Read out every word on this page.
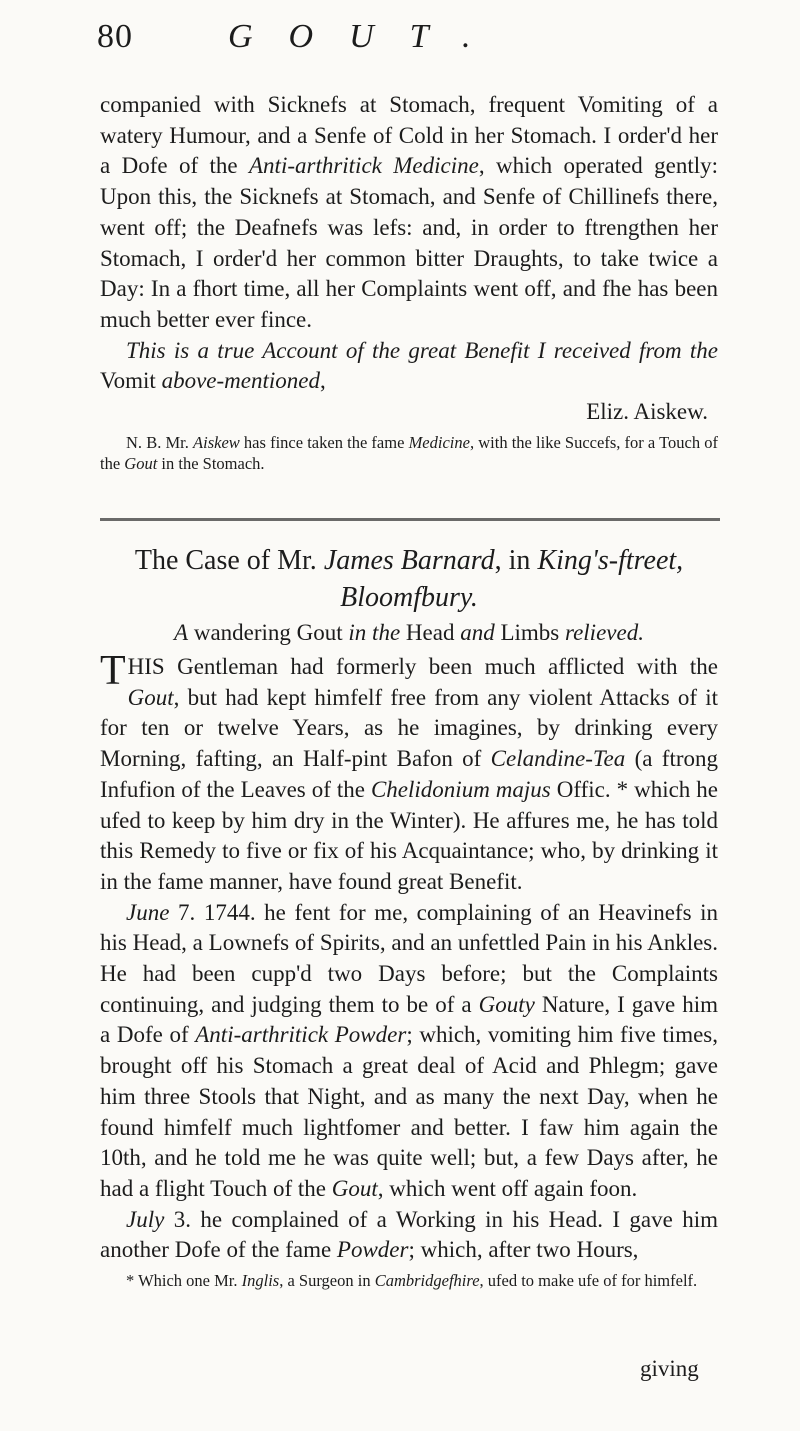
80	GOUT.

companied with Sicknefs at Stomach, frequent Vomiting of a watery Humour, and a Senfe of Cold in her Stomach. I order'd her a Dofe of the Anti-arthritick Medicine, which operated gently: Upon this, the Sicknefs at Stomach, and Senfe of Chillinefs there, went off; the Deafnefs was lefs: and, in order to ftrengthen her Stomach, I order'd her common bitter Draughts, to take twice a Day: In a fhort time, all her Complaints went off, and fhe has been much better ever fince.

This is a true Account of the great Benefit I received from the Vomit above-mentioned,

Eliz. Aiskew.

N. B. Mr. Aiskew has fince taken the fame Medicine, with the like Succefs, for a Touch of the Gout in the Stomach.

The Case of Mr. James Barnard, in King's-ftreet, Bloomfbury.

A wandering Gout in the Head and Limbs relieved.

THIS Gentleman had formerly been much afflicted with the Gout, but had kept himfelf free from any violent Attacks of it for ten or twelve Years, as he imagines, by drinking every Morning, fafting, an Half-pint Bafon of Celandine-Tea (a ftrong Infufion of the Leaves of the Chelidonium majus Offic. * which he ufed to keep by him dry in the Winter). He affures me, he has told this Remedy to five or fix of his Acquaintance; who, by drinking it in the fame manner, have found great Benefit.

June 7. 1744. he fent for me, complaining of an Heavinefs in his Head, a Lownefs of Spirits, and an unfettled Pain in his Ankles. He had been cupp'd two Days before; but the Complaints continuing, and judging them to be of a Gouty Nature, I gave him a Dofe of Anti-arthritick Powder; which, vomiting him five times, brought off his Stomach a great deal of Acid and Phlegm; gave him three Stools that Night, and as many the next Day, when he found himfelf much lightfomer and better. I faw him again the 10th, and he told me he was quite well; but, a few Days after, he had a flight Touch of the Gout, which went off again foon.

July 3. he complained of a Working in his Head. I gave him another Dofe of the fame Powder; which, after two Hours,

* Which one Mr. Inglis, a Surgeon in Cambridgefhire, ufed to make ufe of for himfelf.

giving
